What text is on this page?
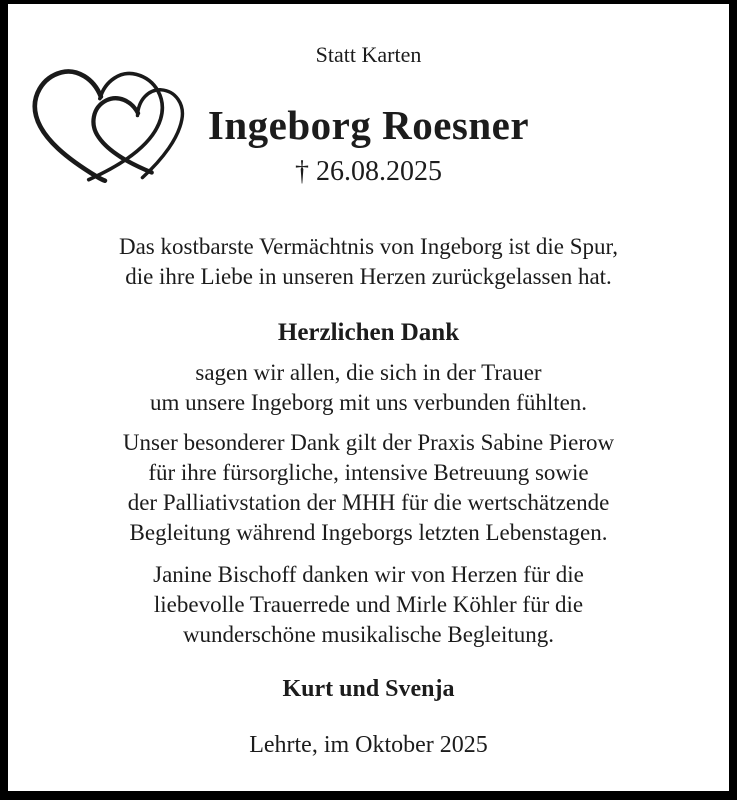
Statt Karten
Ingeborg Roesner
† 26.08.2025
Das kostbarste Vermächtnis von Ingeborg ist die Spur,
die ihre Liebe in unseren Herzen zurückgelassen hat.
Herzlichen Dank
sagen wir allen, die sich in der Trauer
um unsere Ingeborg mit uns verbunden fühlten.
Unser besonderer Dank gilt der Praxis Sabine Pierow
für ihre fürsorgliche, intensive Betreuung sowie
der Palliativstation der MHH für die wertschätzende
Begleitung während Ingeborgs letzten Lebenstagen.
Janine Bischoff danken wir von Herzen für die
liebevolle Trauerrede und Mirle Köhler für die
wunderschöne musikalische Begleitung.
Kurt und Svenja
Lehrte, im Oktober 2025
